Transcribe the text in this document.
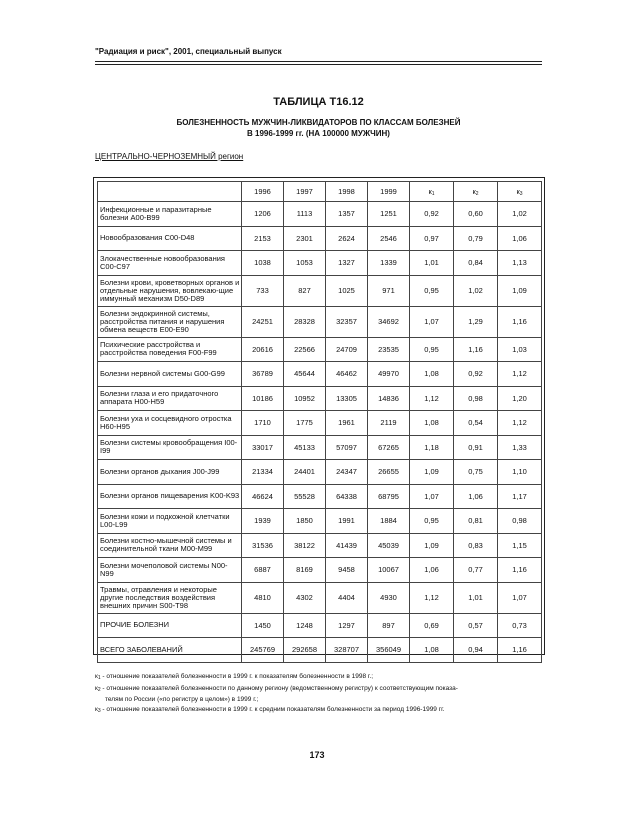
"Радиация и риск", 2001, специальный выпуск
ТАБЛИЦА Т16.12
БОЛЕЗНЕННОСТЬ МУЖЧИН-ЛИКВИДАТОРОВ ПО КЛАССАМ БОЛЕЗНЕЙ
В 1996-1999 гг. (НА 100000 МУЖЧИН)
ЦЕНТРАЛЬНО-ЧЕРНОЗЕМНЫЙ регион
	1996	1997	1998	1999	$к_1$	$к_2$	$к_3$
Инфекционные и паразитарные болезни A00-B99	1206	1113	1357	1251	0,92	0,60	1,02
Новообразования C00-D48	2153	2301	2624	2546	0,97	0,79	1,06
Злокачественные новообразования C00-C97	1038	1053	1327	1339	1,01	0,84	1,13
Болезни крови, кроветворных органов и отдельные нарушения, вовлекаю-щие иммунный механизм D50-D89	733	827	1025	971	0,95	1,02	1,09
Болезни эндокринной системы, расстройства питания и нарушения обмена веществ E00-E90	24251	28328	32357	34692	1,07	1,29	1,16
Психические расстройства и расстройства поведения F00-F99	20616	22566	24709	23535	0,95	1,16	1,03
Болезни нервной системы G00-G99	36789	45644	46462	49970	1,08	0,92	1,12
Болезни глаза и его придаточного аппарата H00-H59	10186	10952	13305	14836	1,12	0,98	1,20
Болезни уха и сосцевидного отростка H60-H95	1710	1775	1961	2119	1,08	0,54	1,12
Болезни системы кровообращения I00-I99	33017	45133	57097	67265	1,18	0,91	1,33
Болезни органов дыхания J00-J99	21334	24401	24347	26655	1,09	0,75	1,10
Болезни органов пищеварения K00-K93	46624	55528	64338	68795	1,07	1,06	1,17
Болезни кожи и подкожной клетчатки L00-L99	1939	1850	1991	1884	0,95	0,81	0,98
Болезни костно-мышечной системы и соединительной ткани M00-M99	31536	38122	41439	45039	1,09	0,83	1,15
Болезни мочеполовой системы N00-N99	6887	8169	9458	10067	1,06	0,77	1,16
Травмы, отравления и некоторые другие последствия воздействия внешних причин S00-T98	4810	4302	4404	4930	1,12	1,01	1,07
ПРОЧИЕ БОЛЕЗНИ	1450	1248	1297	897	0,69	0,57	0,73
ВСЕГО ЗАБОЛЕВАНИЙ	245769	292658	328707	356049	1,08	0,94	1,16

$к_1$ - отношение показателей болезненности в 1999 г. к показателям болезненности в 1998 г.;

$к_2$ - отношение показателей болезненности по данному региону (ведомственному регистру) к соответствующим показа-

телям по России («по регистру в целом») в 1999 г.;

$к_3$ - отношение показателей болезненности в 1999 г. к средним показателям болезненности за период 1996-1999 гг.

173
